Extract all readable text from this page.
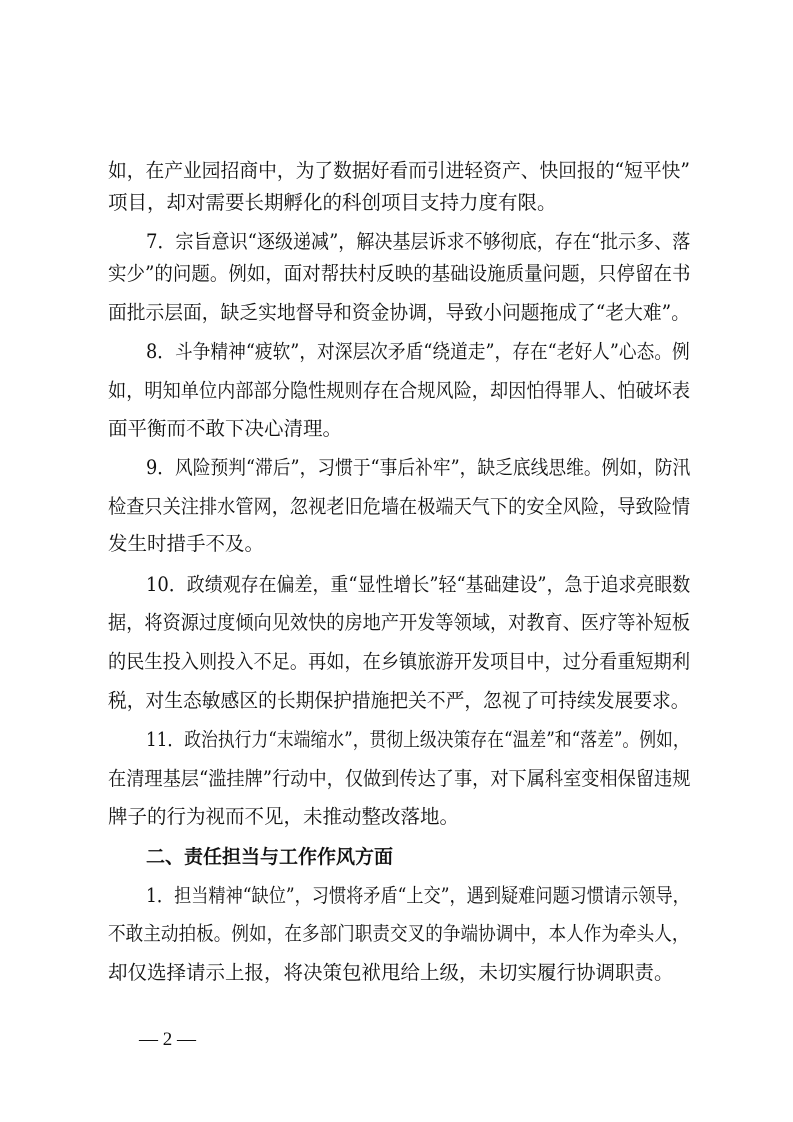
如，在产业园招商中，为了数据好看而引进轻资产、快回报的“短平快”
项目，却对需要长期孵化的科创项目支持力度有限。
7．宗旨意识“逐级递减”，解决基层诉求不够彻底，存在“批示多、落
实少”的问题。例如，面对帮扶村反映的基础设施质量问题，只停留在书
面批示层面，缺乏实地督导和资金协调，导致小问题拖成了“老大难”。
8．斗争精神“疲软”，对深层次矛盾“绕道走”，存在“老好人”心态。例
如，明知单位内部部分隐性规则存在合规风险，却因怕得罪人、怕破坏表
面平衡而不敢下决心清理。
9．风险预判“滞后”，习惯于“事后补牢”，缺乏底线思维。例如，防汛
检查只关注排水管网，忽视老旧危墙在极端天气下的安全风险，导致险情
发生时措手不及。
10．政绩观存在偏差，重“显性增长”轻“基础建设”，急于追求亮眼数
据，将资源过度倾向见效快的房地产开发等领域，对教育、医疗等补短板
的民生投入则投入不足。再如，在乡镇旅游开发项目中，过分看重短期利
税，对生态敏感区的长期保护措施把关不严，忽视了可持续发展要求。
11．政治执行力“末端缩水”，贯彻上级决策存在“温差”和“落差”。例如，
在清理基层“滥挂牌”行动中，仅做到传达了事，对下属科室变相保留违规
牌子的行为视而不见，未推动整改落地。
二、责任担当与工作作风方面
1．担当精神“缺位”，习惯将矛盾“上交”，遇到疑难问题习惯请示领导，
不敢主动拍板。例如，在多部门职责交叉的争端协调中，本人作为牵头人，
却仅选择请示上报，将决策包袱甩给上级，未切实履行协调职责。
— 2 —
